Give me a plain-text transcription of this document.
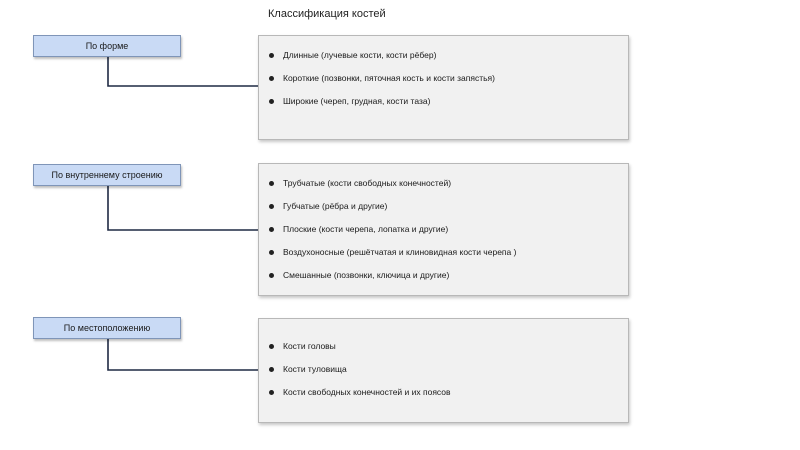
Классификация костей
По форме
Длинные (лучевые кости, кости рёбер)
Короткие (позвонки, пяточная кость и кости запястья)
Широкие (череп, грудная, кости таза)
По внутреннему строению
Трубчатые (кости свободных конечностей)
Губчатые (рёбра и другие)
Плоские (кости черепа, лопатка и другие)
Воздухоносные (решётчатая и клиновидная кости черепа )
Смешанные (позвонки, ключица и другие)
По местоположению
Кости головы
Кости туловища
Кости свободных конечностей и их поясов
